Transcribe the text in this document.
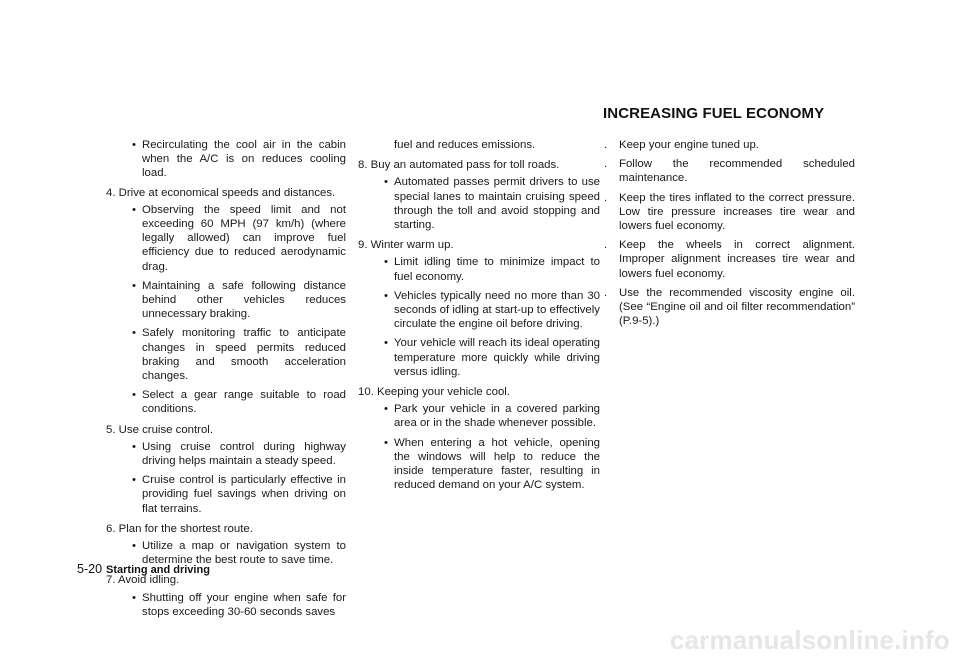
INCREASING FUEL ECONOMY
• Recirculating the cool air in the cabin when the A/C is on reduces cooling load.
4. Drive at economical speeds and distances.
• Observing the speed limit and not exceeding 60 MPH (97 km/h) (where legally allowed) can improve fuel efficiency due to reduced aerodynamic drag.
• Maintaining a safe following distance behind other vehicles reduces unnecessary braking.
• Safely monitoring traffic to anticipate changes in speed permits reduced braking and smooth acceleration changes.
• Select a gear range suitable to road conditions.
5. Use cruise control.
• Using cruise control during highway driving helps maintain a steady speed.
• Cruise control is particularly effective in providing fuel savings when driving on flat terrains.
6. Plan for the shortest route.
• Utilize a map or navigation system to determine the best route to save time.
7. Avoid idling.
• Shutting off your engine when safe for stops exceeding 30-60 seconds saves
fuel and reduces emissions.
8. Buy an automated pass for toll roads.
• Automated passes permit drivers to use special lanes to maintain cruising speed through the toll and avoid stopping and starting.
9. Winter warm up.
• Limit idling time to minimize impact to fuel economy.
• Vehicles typically need no more than 30 seconds of idling at start-up to effectively circulate the engine oil before driving.
• Your vehicle will reach its ideal operating temperature more quickly while driving versus idling.
10. Keeping your vehicle cool.
• Park your vehicle in a covered parking area or in the shade whenever possible.
• When entering a hot vehicle, opening the windows will help to reduce the inside temperature faster, resulting in reduced demand on your A/C system.
. Keep your engine tuned up.
. Follow the recommended scheduled maintenance.
. Keep the tires inflated to the correct pressure. Low tire pressure increases tire wear and lowers fuel economy.
. Keep the wheels in correct alignment. Improper alignment increases tire wear and lowers fuel economy.
. Use the recommended viscosity engine oil. (See “Engine oil and oil filter recommendation” (P.9-5).)
5-20 Starting and driving
carmanualsonline.info
